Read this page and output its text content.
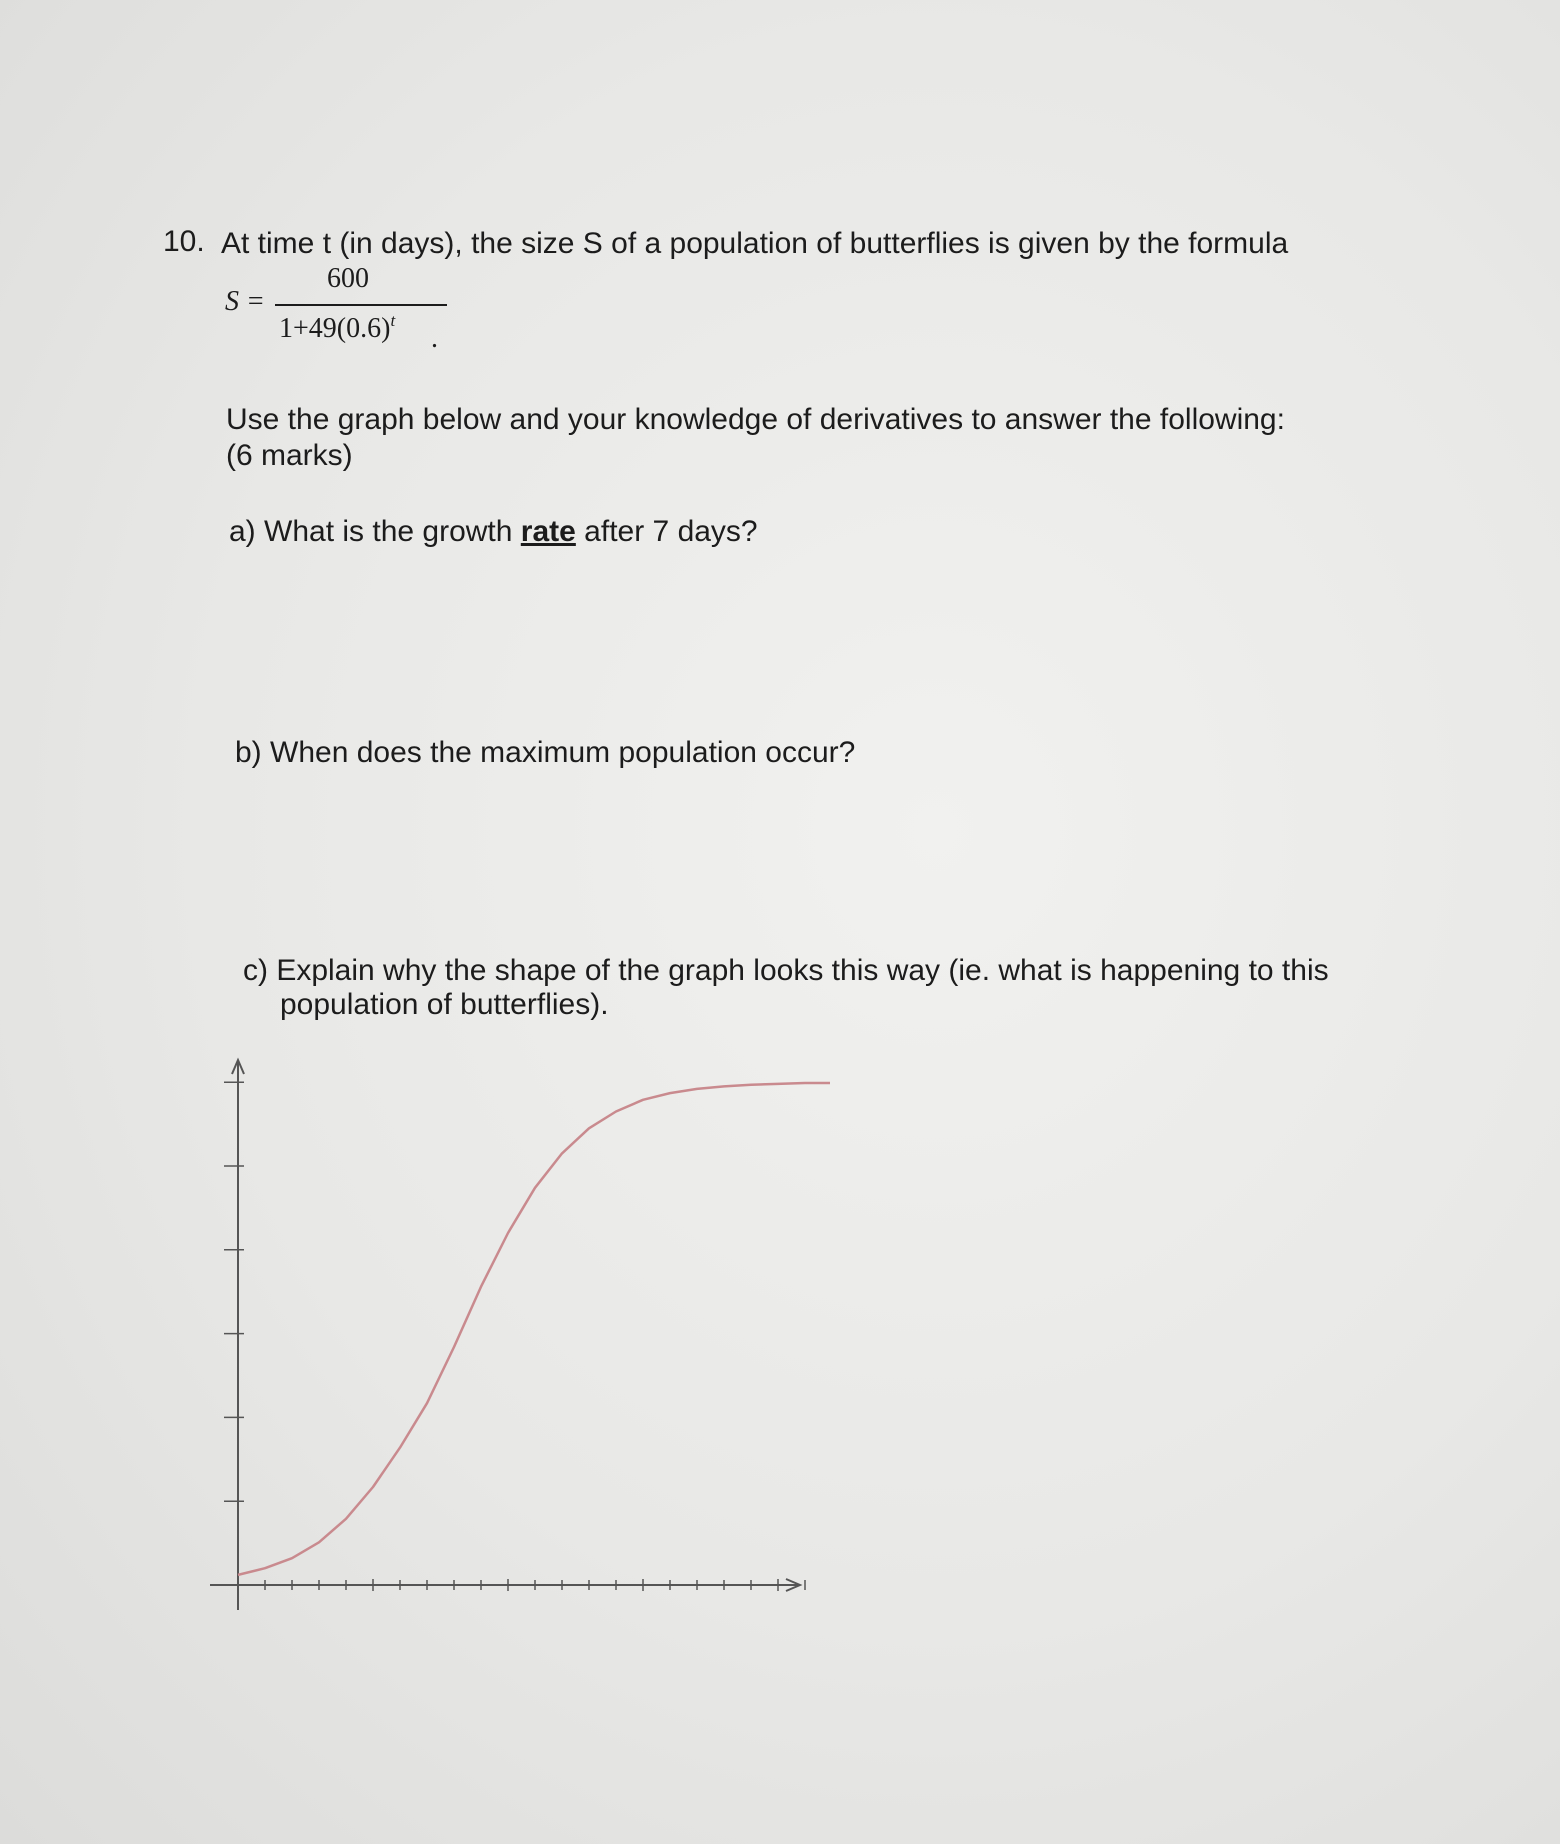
10. At time t (in days), the size S of a population of butterflies is given by the formula
S =
600
$1+49(0.6)^t$
.
Use the graph below and your knowledge of derivatives to answer the following:
(6 marks)
a) What is the growth rate after 7 days?
b) When does the maximum population occur?
c) Explain why the shape of the graph looks this way (ie. what is happening to this
population of butterflies).
